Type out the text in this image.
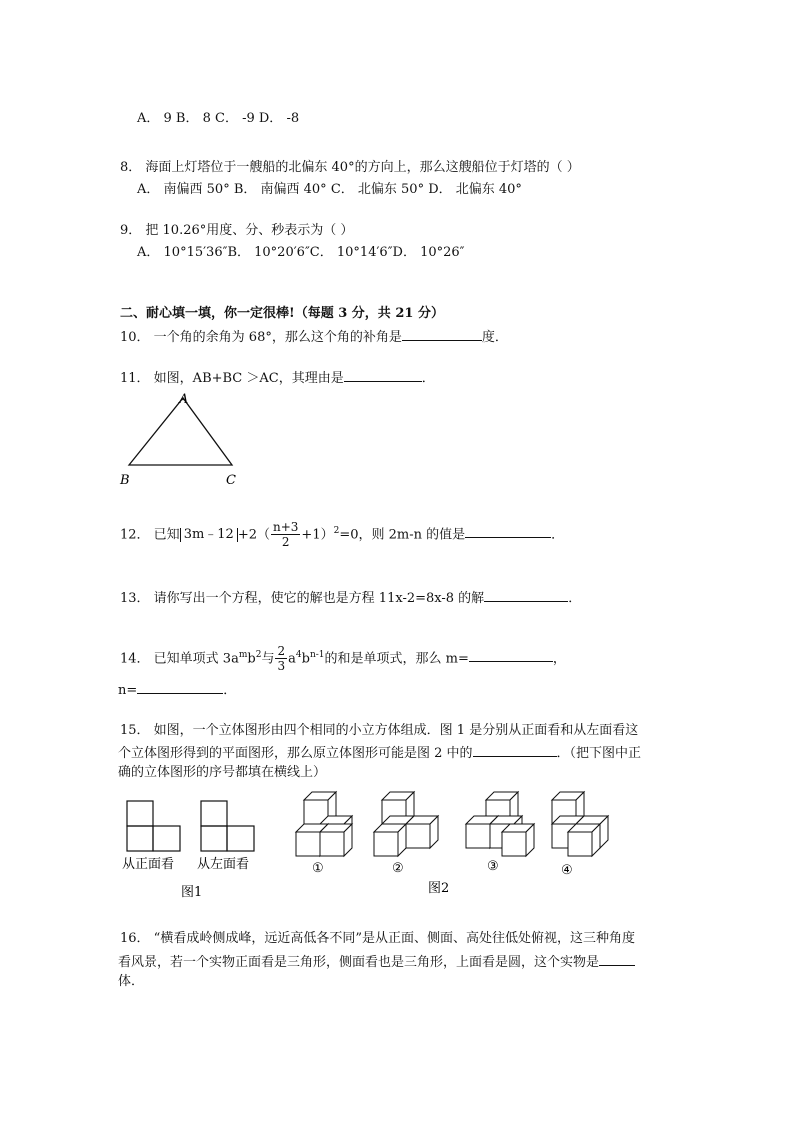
A． 9 B． 8 C． -9 D． -8
8． 海面上灯塔位于一艘船的北偏东 40°的方向上，那么这艘船位于灯塔的（ ）
A． 南偏西 50° B． 南偏西 40° C． 北偏东 50° D． 北偏东 40°
9． 把 10.26°用度、分、秒表示为（ ）
A． 10°15′36″B． 10°20′6″C． 10°14′6″D． 10°26″
二、耐心填一填，你一定很棒!（每题 3 分，共 21 分）
10． 一个角的余角为 68°，那么这个角的补角是	度．
11． 如图，AB+BC ＞AC，其理由是	．
A
B	C
12． 已知 3m﹣12 $+2( \frac{n+3}{2} +1)^2=0$，则 2m-n 的值是	．
13． 请你写出一个方程，使它的解也是方程 11x-2=8x-8 的解	．
14． 已知单项式 $3a^mb^2$与 $\frac{2}{3} a^4b^{n-1}$的和是单项式，那么 m=	，
n=	．
15． 如图，一个立体图形由四个相同的小立方体组成．图 1 是分别从正面看和从左面看这
个立体图形得到的平面图形，那么原立体图形可能是图 2 中的	．（把下图中正
确的立体图形的序号都填在横线上）
从正面看 从左面看
图1
①	②	③	④
图2
16． “横看成岭侧成峰，远近高低各不同”是从正面、侧面、高处往低处俯视，这三种角度
看风景，若一个实物正面看是三角形，侧面看也是三角形，上面看是圆，这个实物是
体．
